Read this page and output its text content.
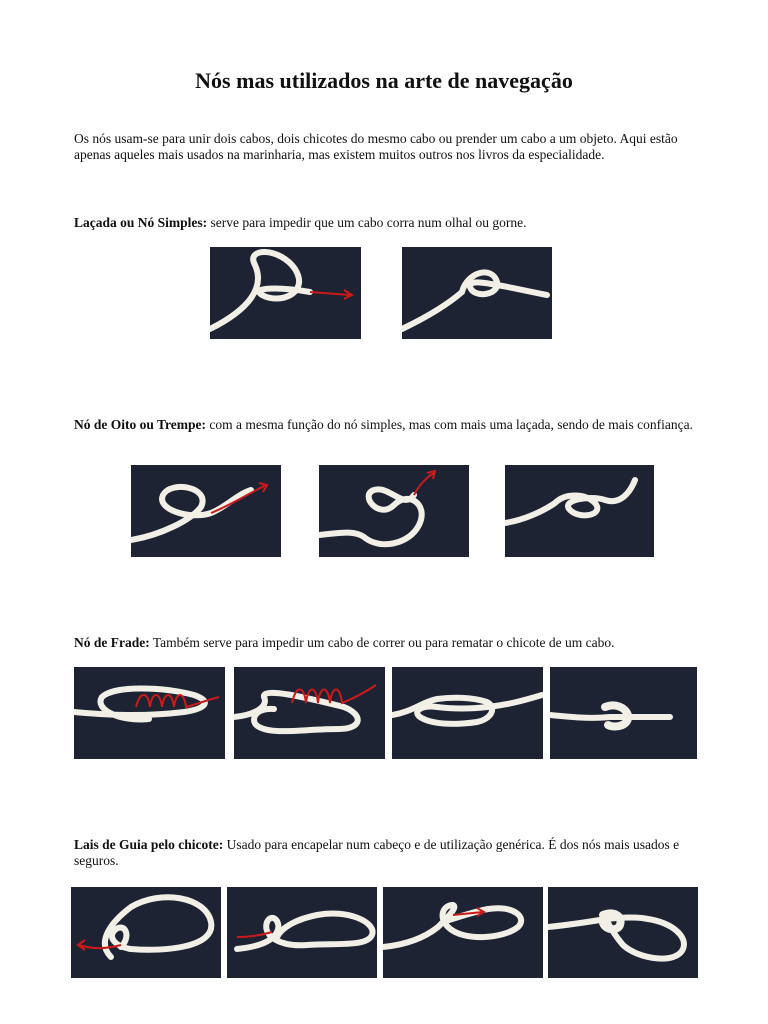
Nós mas utilizados na arte de navegação

Os nós usam-se para unir dois cabos, dois chicotes do mesmo cabo ou prender um cabo a um objeto. Aqui estão apenas aqueles mais usados na marinharia, mas existem muitos outros nos livros da especialidade.

Laçada ou Nó Simples: serve para impedir que um cabo corra num olhal ou gorne.

Nó de Oito ou Trempe: com a mesma função do nó simples, mas com mais uma laçada, sendo de mais confiança.

Nó de Frade: Também serve para impedir um cabo de correr ou para rematar o chicote de um cabo.

Lais de Guia pelo chicote: Usado para encapelar num cabeço e de utilização genérica. É dos nós mais usados e seguros.
